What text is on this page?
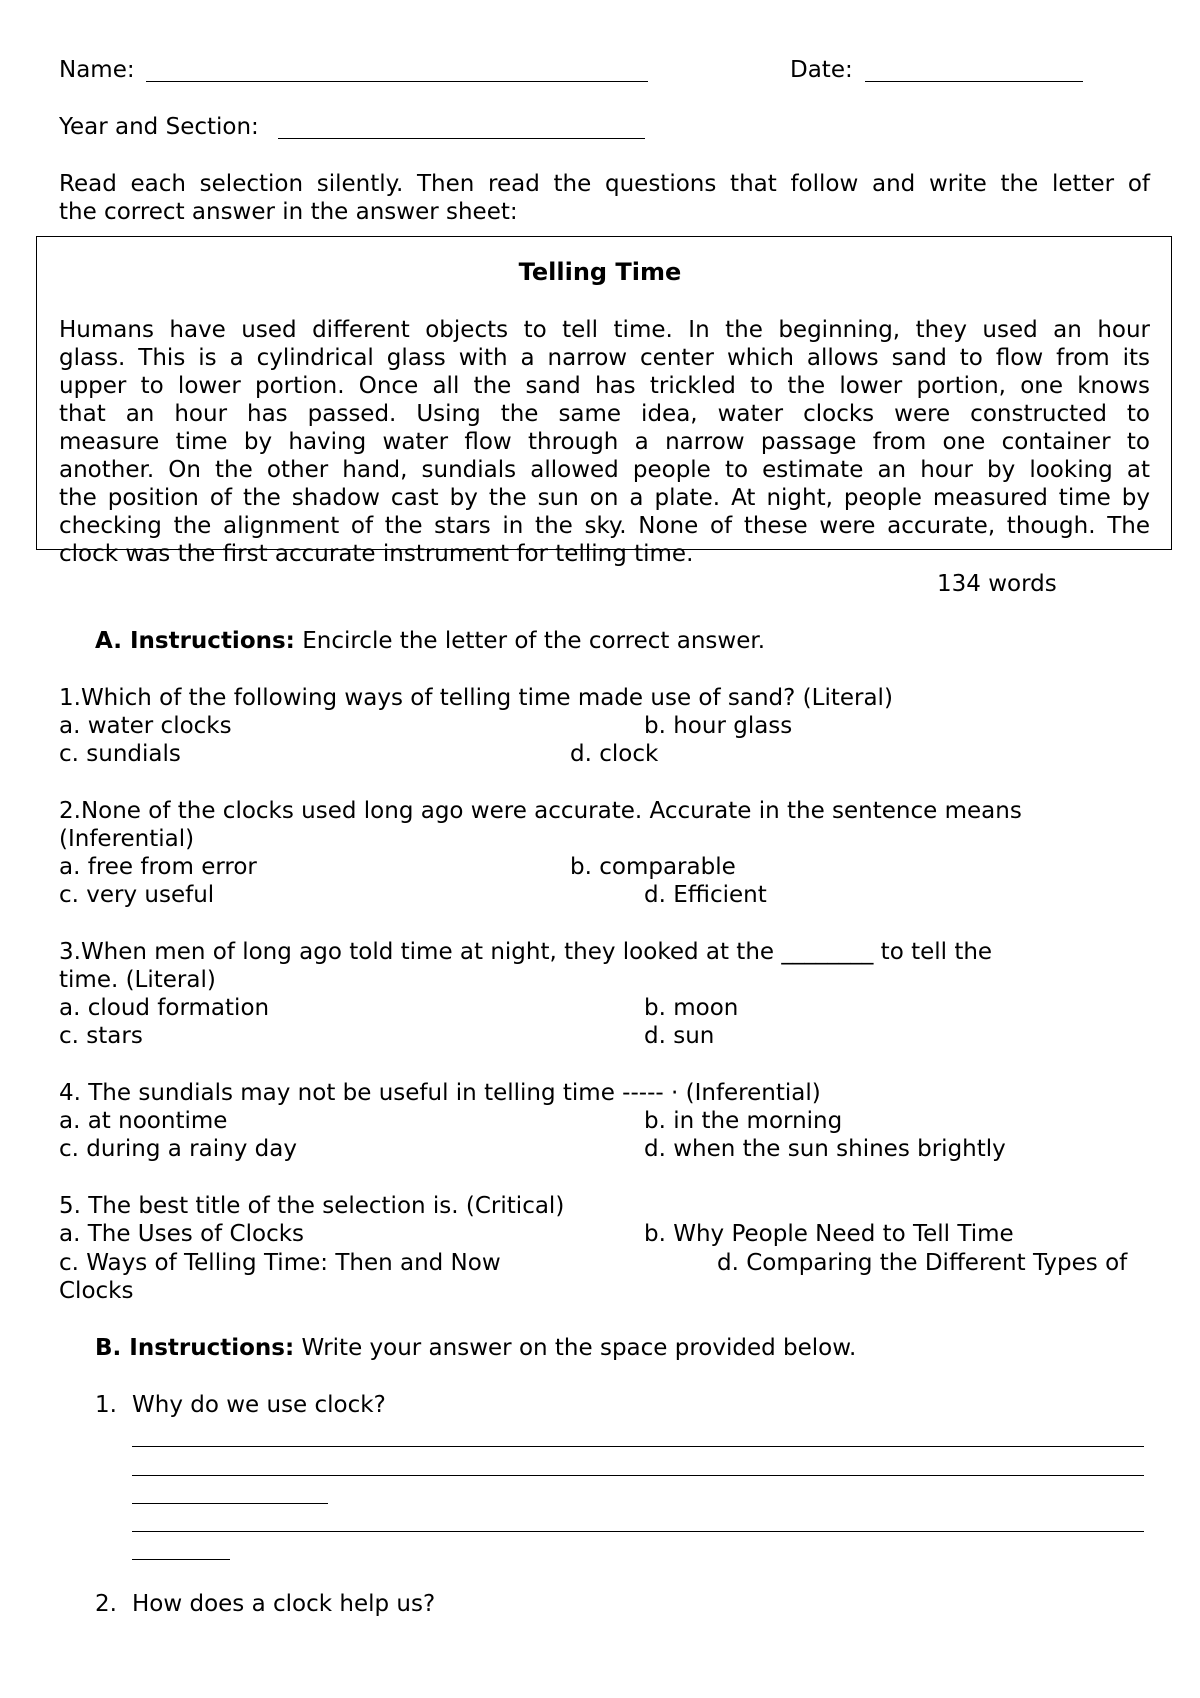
Name:	Date:
Year and Section:
Read each selection silently. Then read the questions that follow and write the letter of
the correct answer in the answer sheet:
Telling Time
Humans have used different objects to tell time. In the beginning, they used an hour
glass. This is a cylindrical glass with a narrow center which allows sand to flow from its
upper to lower portion. Once all the sand has trickled to the lower portion, one knows
that an hour has passed. Using the same idea, water clocks were constructed to
measure time by having water flow through a narrow passage from one container to
another. On the other hand, sundials allowed people to estimate an hour by looking at
the position of the shadow cast by the sun on a plate. At night, people measured time by
checking the alignment of the stars in the sky. None of these were accurate, though. The
clock was the first accurate instrument for telling time.
134 words
A. Instructions: Encircle the letter of the correct answer.
1.Which of the following ways of telling time made use of sand? (Literal)
a. water clocks	b. hour glass
c. sundials	d. clock
2.None of the clocks used long ago were accurate. Accurate in the sentence means
(Inferential)
a. free from error	b. comparable
c. very useful	d. Efficient
3.When men of long ago told time at night, they looked at the ________ to tell the
time. (Literal)
a. cloud formation	b. moon
c. stars	d. sun
4. The sundials may not be useful in telling time ----- · (Inferential)
a. at noontime	b. in the morning
c. during a rainy day	d. when the sun shines brightly
5. The best title of the selection is. (Critical)
a. The Uses of Clocks	b. Why People Need to Tell Time
c. Ways of Telling Time: Then and Now	d. Comparing the Different Types of
Clocks
B. Instructions: Write your answer on the space provided below.
1. Why do we use clock?
2. How does a clock help us?
